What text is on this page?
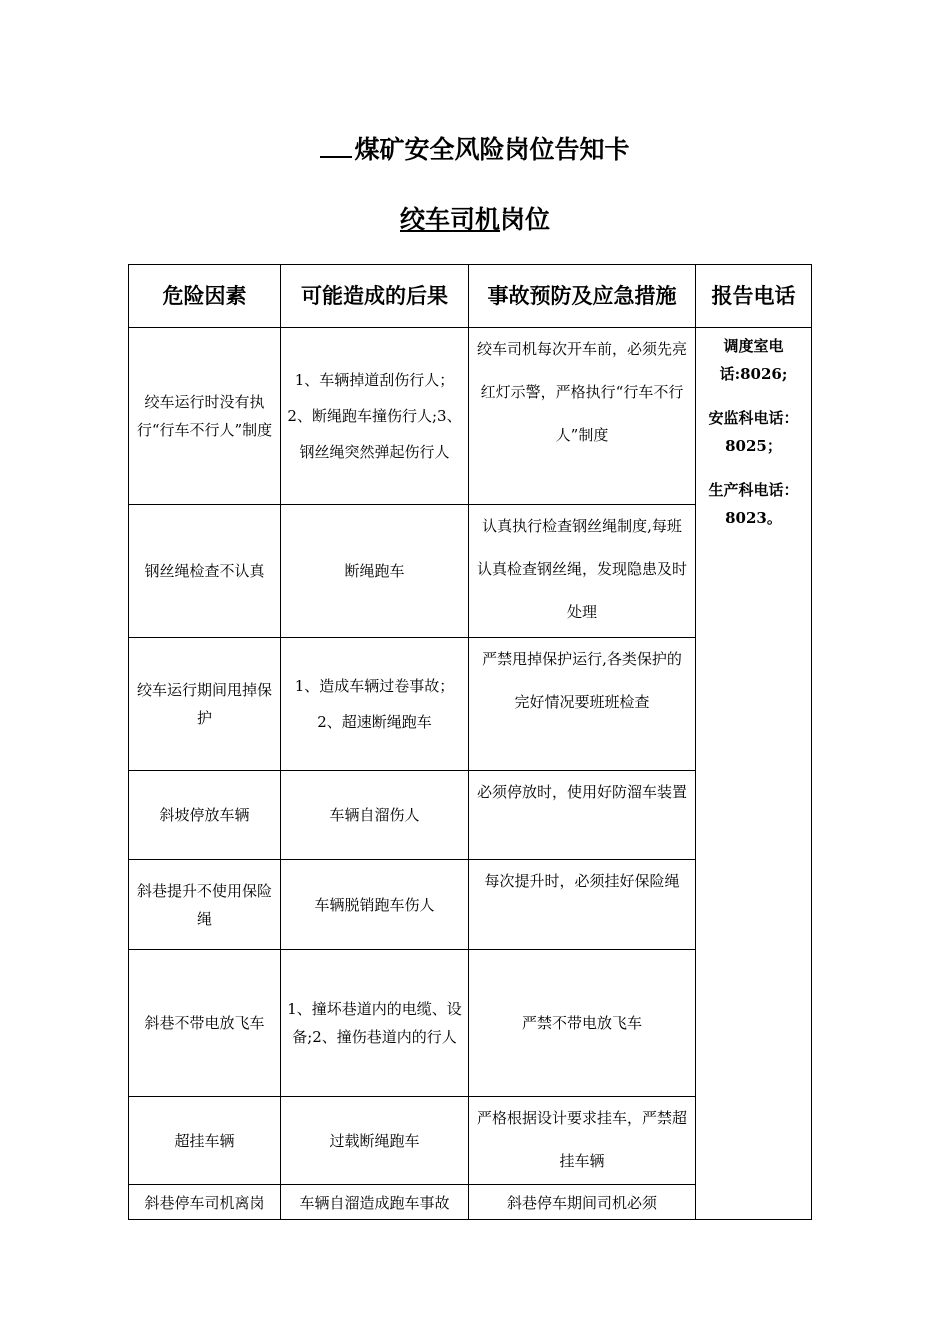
煤矿安全风险岗位告知卡
绞车司机岗位
危险因素	可能造成的后果	事故预防及应急措施	报告电话
绞车运行时没有执行“行车不行人”制度	1、车辆掉道刮伤行人；2、断绳跑车撞伤行人;3、钢丝绳突然弹起伤行人	绞车司机每次开车前，必须先亮红灯示警，严格执行“行车不行人”制度	调度室电话:8026;
安监科电话：8025；
生产科电话：8023。

钢丝绳检查不认真	断绳跑车	认真执行检查钢丝绳制度,每班认真检查钢丝绳，发现隐患及时处理	
绞车运行期间甩掉保护	1、造成车辆过卷事故；2、超速断绳跑车	严禁甩掉保护运行,各类保护的完好情况要班班检查	
斜坡停放车辆	车辆自溜伤人	必须停放时，使用好防溜车装置	
斜巷提升不使用保险绳	车辆脱销跑车伤人	每次提升时，必须挂好保险绳	
斜巷不带电放飞车	1、撞坏巷道内的电缆、设备;2、撞伤巷道内的行人	严禁不带电放飞车	
超挂车辆	过载断绳跑车	严格根据设计要求挂车，严禁超挂车辆	
斜巷停车司机离岗	车辆自溜造成跑车事故	斜巷停车期间司机必须	
